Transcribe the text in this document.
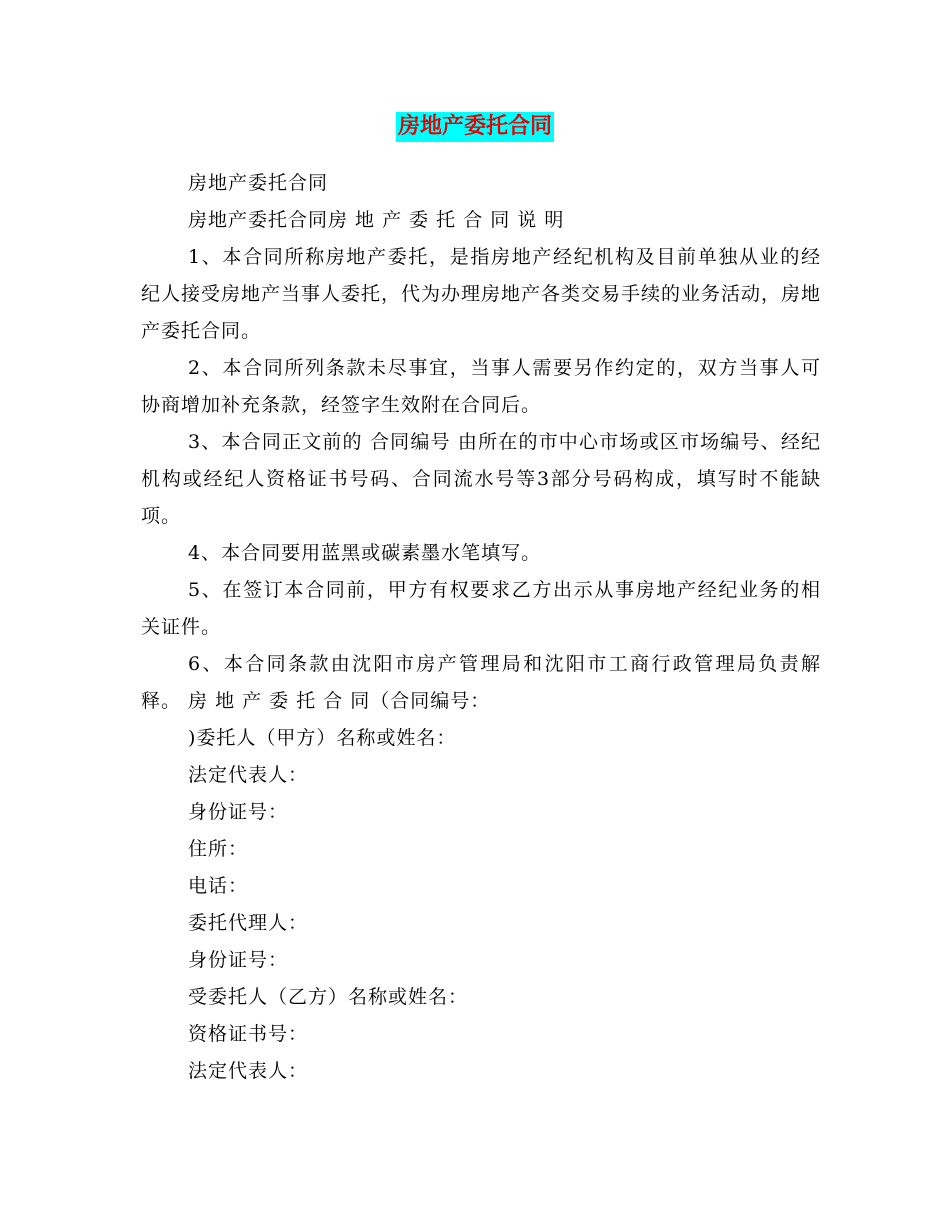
房地产委托合同

房地产委托合同

房地产委托合同房 地 产 委 托 合 同 说 明

1、本合同所称房地产委托，是指房地产经纪机构及目前单独从业的经纪人接受房地产当事人委托，代为办理房地产各类交易手续的业务活动，房地产委托合同。

2、本合同所列条款未尽事宜，当事人需要另作约定的，双方当事人可协商增加补充条款，经签字生效附在合同后。

3、本合同正文前的 合同编号 由所在的市中心市场或区市场编号、经纪机构或经纪人资格证书号码、合同流水号等3部分号码构成，填写时不能缺项。

4、本合同要用蓝黑或碳素墨水笔填写。

5、在签订本合同前，甲方有权要求乙方出示从事房地产经纪业务的相关证件。

6、本合同条款由沈阳市房产管理局和沈阳市工商行政管理局负责解释。 房 地 产 委 托 合 同（合同编号：

)委托人（甲方）名称或姓名：

法定代表人：

身份证号：

住所：

电话：

委托代理人：

身份证号：

受委托人（乙方）名称或姓名：

资格证书号：

法定代表人：
